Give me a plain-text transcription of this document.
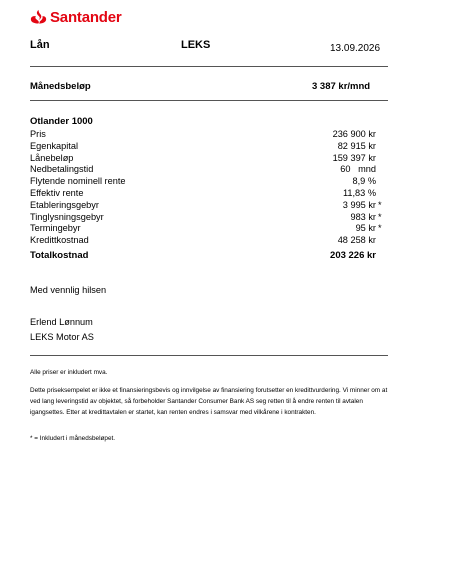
Santander
Lån	LEKS	13.09.2026
Månedsbeløp	3 387 kr/mnd
Otlander 1000
Pris	236 900 kr
Egenkapital	82 915 kr
Lånebeløp	159 397 kr
Nedbetalingstid	60   mnd
Flytende nominell rente	8,9 %
Effektiv rente	11,83 %
Etableringsgebyr	3 995 kr *
Tinglysningsgebyr	983 kr *
Termingebyr	95 kr *
Kredittkostnad	48 258 kr
Totalkostnad	203 226 kr
Med vennlig hilsen
Erlend Lønnum
LEKS Motor AS
Alle priser er inkludert mva.
Dette priseksempelet er ikke et finansieringsbevis og innvilgelse av finansiering forutsetter en kredittvurdering. Vi minner om at ved lang leveringstid av objektet, så forbeholder Santander Consumer Bank AS seg retten til å endre renten til avtalen igangsettes. Etter at kredittavtalen er startet, kan renten endres i samsvar med vilkårene i kontrakten.
* = Inkludert i månedsbeløpet.
